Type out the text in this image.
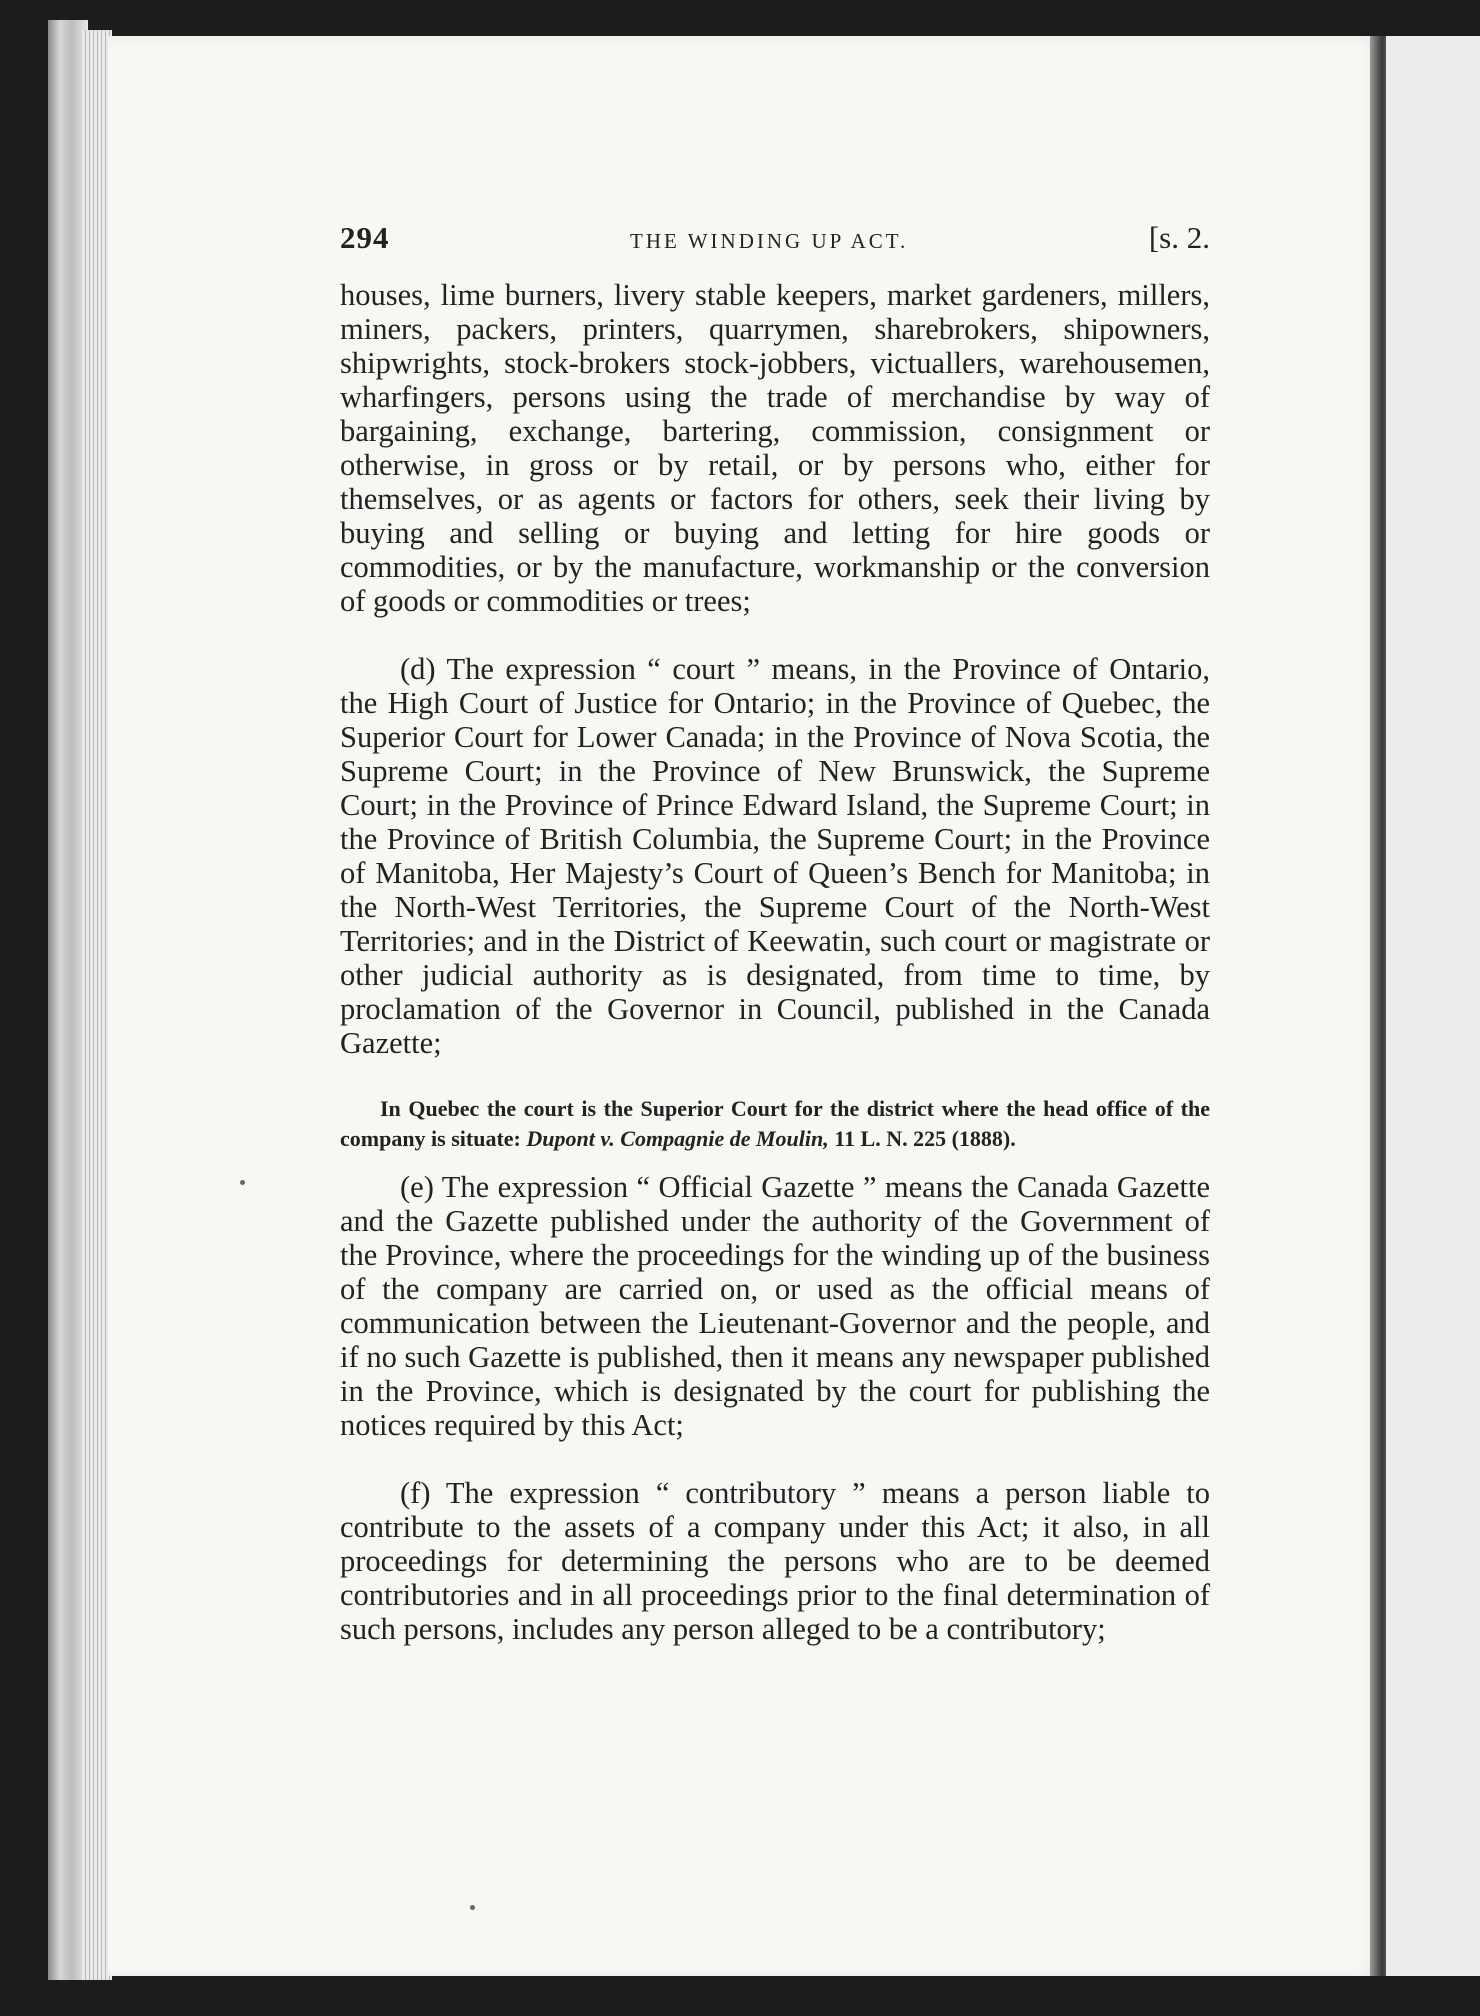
294	THE WINDING UP ACT.	[s. 2.

houses, lime burners, livery stable keepers, market gardeners, millers, miners, packers, printers, quarrymen, sharebrokers, shipowners, shipwrights, stock-brokers stock-jobbers, victuallers, warehousemen, wharfingers, persons using the trade of merchandise by way of bargaining, exchange, bartering, commission, consignment or otherwise, in gross or by retail, or by persons who, either for themselves, or as agents or factors for others, seek their living by buying and selling or buying and letting for hire goods or commodities, or by the manufacture, workmanship or the conversion of goods or commodities or trees;

(d) The expression “ court ” means, in the Province of Ontario, the High Court of Justice for Ontario; in the Province of Quebec, the Superior Court for Lower Canada; in the Province of Nova Scotia, the Supreme Court; in the Province of New Brunswick, the Supreme Court; in the Province of Prince Edward Island, the Supreme Court; in the Province of British Columbia, the Supreme Court; in the Province of Manitoba, Her Majesty’s Court of Queen’s Bench for Manitoba; in the North-West Territories, the Supreme Court of the North-West Territories; and in the District of Keewatin, such court or magistrate or other judicial authority as is designated, from time to time, by proclamation of the Governor in Council, published in the Canada Gazette;

In Quebec the court is the Superior Court for the district where the head office of the company is situate: Dupont v. Compagnie de Moulin, 11 L. N. 225 (1888).

(e) The expression “ Official Gazette ” means the Canada Gazette and the Gazette published under the authority of the Government of the Province, where the proceedings for the winding up of the business of the company are carried on, or used as the official means of communication between the Lieutenant-Governor and the people, and if no such Gazette is published, then it means any newspaper published in the Province, which is designated by the court for publishing the notices required by this Act;

(f) The expression “ contributory ” means a person liable to contribute to the assets of a company under this Act; it also, in all proceedings for determining the persons who are to be deemed contributories and in all proceedings prior to the final determination of such persons, includes any person alleged to be a contributory;
